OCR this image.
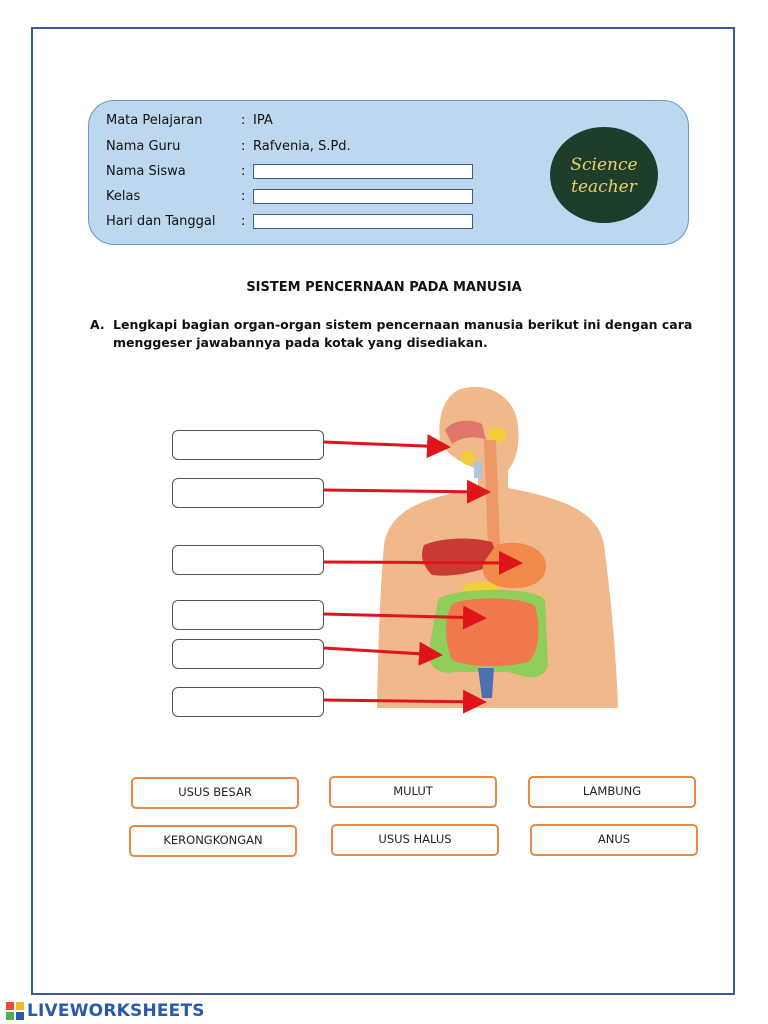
Mata Pelajaran	: IPA
Nama Guru	: Rafvenia, S.Pd.
Nama Siswa	:
Kelas	:
Hari dan Tanggal	:
Science
teacher
SISTEM PENCERNAAN PADA MANUSIA
A. Lengkapi bagian organ-organ sistem pencernaan manusia berikut ini dengan cara menggeser jawabannya pada kotak yang disediakan.
USUS BESAR	MULUT	LAMBUNG
KERONGKONGAN	USUS HALUS	ANUS
LIVEWORKSHEETS
